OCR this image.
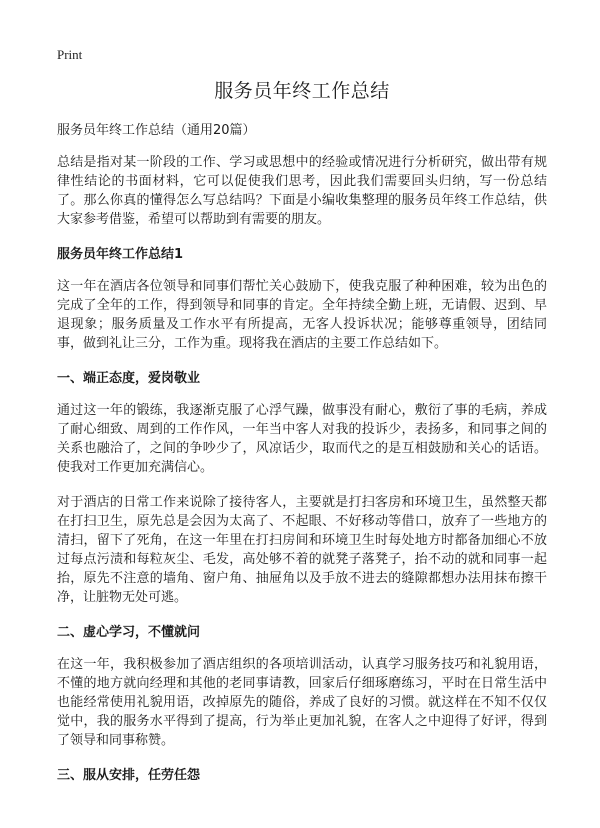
Print
服务员年终工作总结

服务员年终工作总结（通用20篇）

总结是指对某一阶段的工作、学习或思想中的经验或情况进行分析研究，做出带有规律性结论的书面材料，它可以促使我们思考，因此我们需要回头归纳，写一份总结了。那么你真的懂得怎么写总结吗？下面是小编收集整理的服务员年终工作总结，供大家参考借鉴，希望可以帮助到有需要的朋友。

服务员年终工作总结1

这一年在酒店各位领导和同事们帮忙关心鼓励下，使我克服了种种困难，较为出色的完成了全年的工作，得到领导和同事的肯定。全年持续全勤上班，无请假、迟到、早退现象；服务质量及工作水平有所提高，无客人投诉状况；能够尊重领导，团结同事，做到礼让三分，工作为重。现将我在酒店的主要工作总结如下。

一、端正态度，爱岗敬业

通过这一年的锻练，我逐渐克服了心浮气躁，做事没有耐心，敷衍了事的毛病，养成了耐心细致、周到的工作作风，一年当中客人对我的投诉少，表扬多，和同事之间的关系也融洽了，之间的争吵少了，风凉话少，取而代之的是互相鼓励和关心的话语。使我对工作更加充满信心。

对于酒店的日常工作来说除了接待客人，主要就是打扫客房和环境卫生，虽然整天都在打扫卫生，原先总是会因为太高了、不起眼、不好移动等借口，放弃了一些地方的清扫，留下了死角，在这一年里在打扫房间和环境卫生时每处地方时都备加细心不放过每点污渍和每粒灰尘、毛发，高处够不着的就凳子落凳子，抬不动的就和同事一起抬，原先不注意的墙角、窗户角、抽屉角以及手放不进去的缝隙都想办法用抹布擦干净，让脏物无处可逃。

二、虚心学习，不懂就问

在这一年，我积极参加了酒店组织的各项培训活动，认真学习服务技巧和礼貌用语，不懂的地方就向经理和其他的老同事请教，回家后仔细琢磨练习，平时在日常生活中也能经常使用礼貌用语，改掉原先的随俗，养成了良好的习惯。就这样在不知不仅仅觉中，我的服务水平得到了提高，行为举止更加礼貌，在客人之中迎得了好评，得到了领导和同事称赞。

三、服从安排，任劳任怨
